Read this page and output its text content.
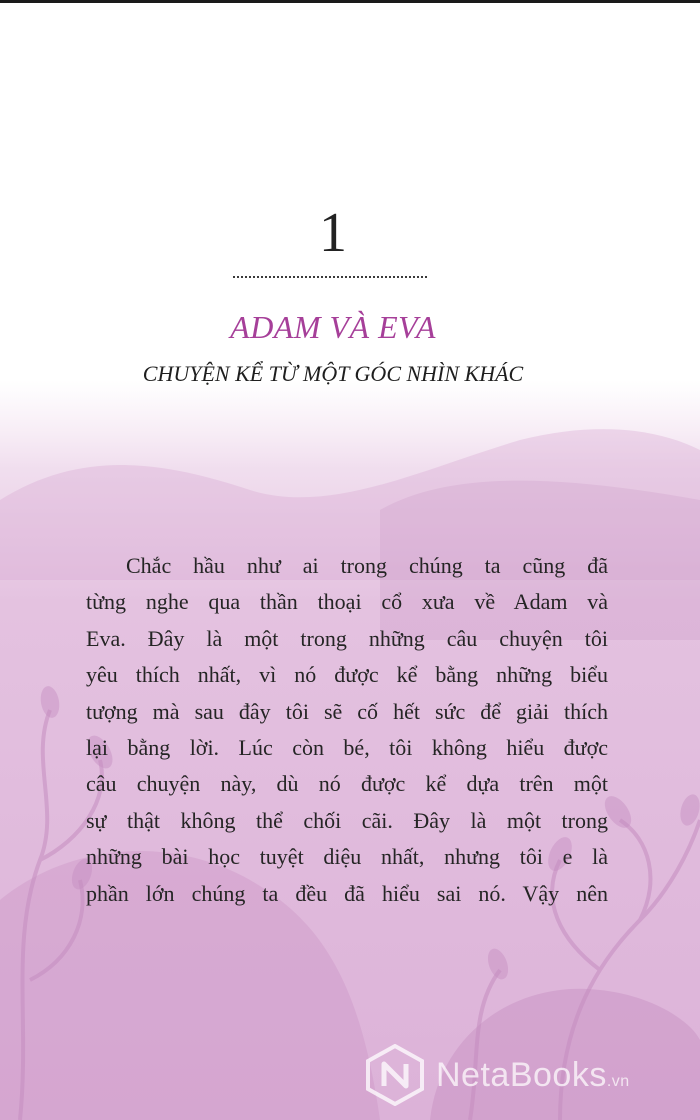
1
ADAM VÀ EVA
CHUYỆN KỂ TỪ MỘT GÓC NHÌN KHÁC
Chắc hầu như ai trong chúng ta cũng đã
từng nghe qua thần thoại cổ xưa về Adam và
Eva. Đây là một trong những câu chuyện tôi
yêu thích nhất, vì nó được kể bằng những biểu
tượng mà sau đây tôi sẽ cố hết sức để giải thích
lại bằng lời. Lúc còn bé, tôi không hiểu được
câu chuyện này, dù nó được kể dựa trên một
sự thật không thể chối cãi. Đây là một trong
những bài học tuyệt diệu nhất, nhưng tôi e là
phần lớn chúng ta đều đã hiểu sai nó. Vậy nên
NetaBooks.vn
